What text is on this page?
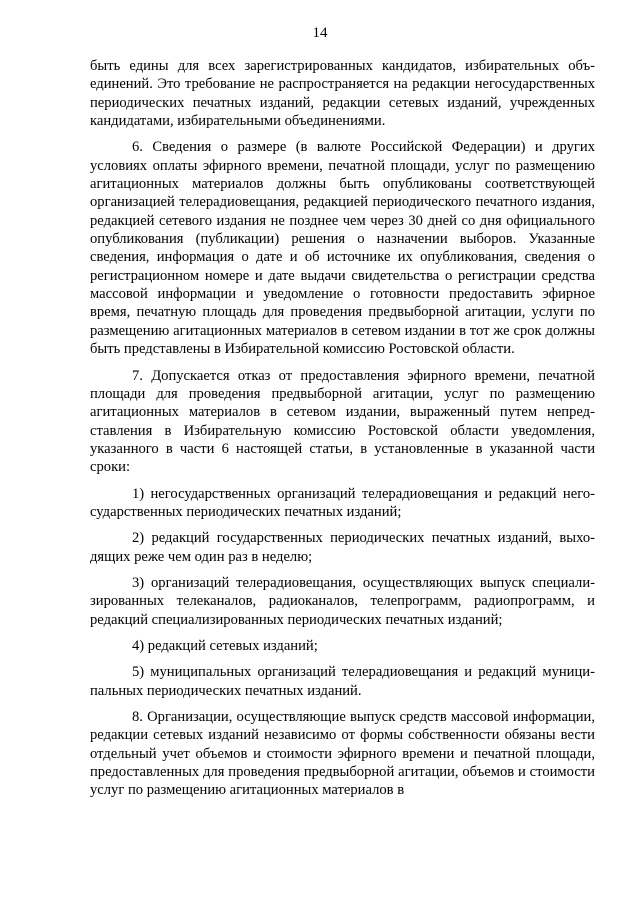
14

быть едины для всех зарегистрированных кандидатов, избирательных объединений. Это требование не распространяется на редакции негосударственных периодических печатных изданий, редакции сетевых изданий, учрежденных кандидатами, избирательными объединениями.

6. Сведения о размере (в валюте Российской Федерации) и других условиях оплаты эфирного времени, печатной площади, услуг по размещению агитационных материалов должны быть опубликованы соответствующей организацией телерадиовещания, редакцией периодического печатного издания, редакцией сетевого издания не позднее чем через 30 дней со дня официального опубликования (публикации) решения о назначении выборов. Указанные сведения, информация о дате и об источнике их опубликования, сведения о регистрационном номере и дате выдачи свидетельства о регистрации средства массовой информации и уведомление о готовности предоставить эфирное время, печатную площадь для проведения предвыборной агитации, услуги по размещению агитационных материалов в сетевом издании в тот же срок должны быть представлены в Избирательной комиссию Ростовской области.

7. Допускается отказ от предоставления эфирного времени, печатной площади для проведения предвыборной агитации, услуг по размещению агитационных материалов в сетевом издании, выраженный путем непредставления в Избирательную комиссию Ростовской области уведомления, указанного в части 6 настоящей статьи, в установленные в указанной части сроки:

1) негосударственных организаций телерадиовещания и редакций негосударственных периодических печатных изданий;

2) редакций государственных периодических печатных изданий, выходящих реже чем один раз в неделю;

3) организаций телерадиовещания, осуществляющих выпуск специализированных телеканалов, радиоканалов, телепрограмм, радиопрограмм, и редакций специализированных периодических печатных изданий;

4) редакций сетевых изданий;

5) муниципальных организаций телерадиовещания и редакций муниципальных периодических печатных изданий.

8. Организации, осуществляющие выпуск средств массовой информации, редакции сетевых изданий независимо от формы собственности обязаны вести отдельный учет объемов и стоимости эфирного времени и печатной площади, предоставленных для проведения предвыборной агитации, объемов и стоимости услуг по размещению агитационных материалов в
